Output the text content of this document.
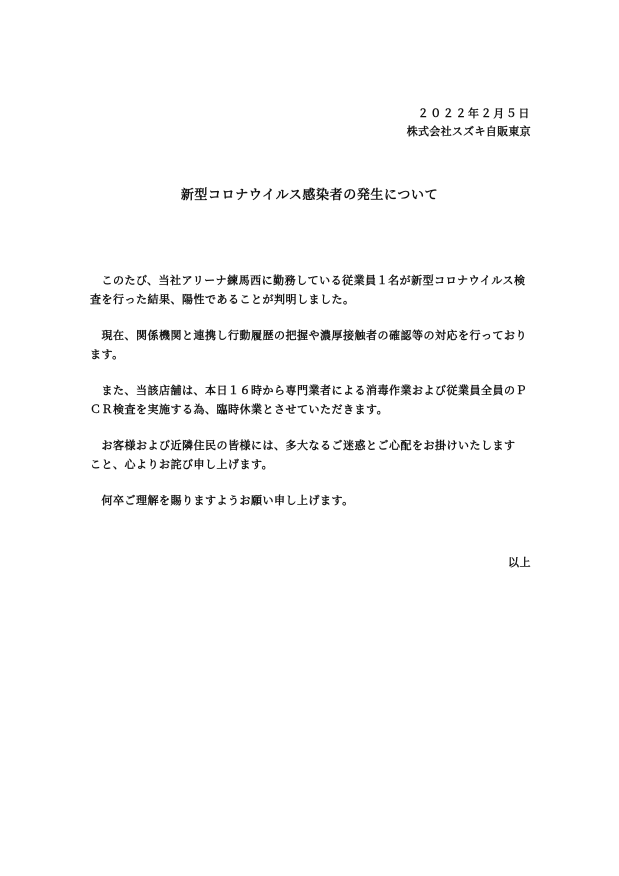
２０２２年２月５日
株式会社スズキ自販東京
新型コロナウイルス感染者の発生について

　このたび、当社アリーナ練馬西に勤務している従業員１名が新型コロナウイルス検
査を行った結果、陽性であることが判明しました。

　現在、関係機関と連携し行動履歴の把握や濃厚接触者の確認等の対応を行っており
ます。

　また、当該店舗は、本日１６時から専門業者による消毒作業および従業員全員のＰ
ＣＲ検査を実施する為、臨時休業とさせていただきます。

　お客様および近隣住民の皆様には、多大なるご迷惑とご心配をお掛けいたします
こと、心よりお詫び申し上げます。

　何卒ご理解を賜りますようお願い申し上げます。

以上
